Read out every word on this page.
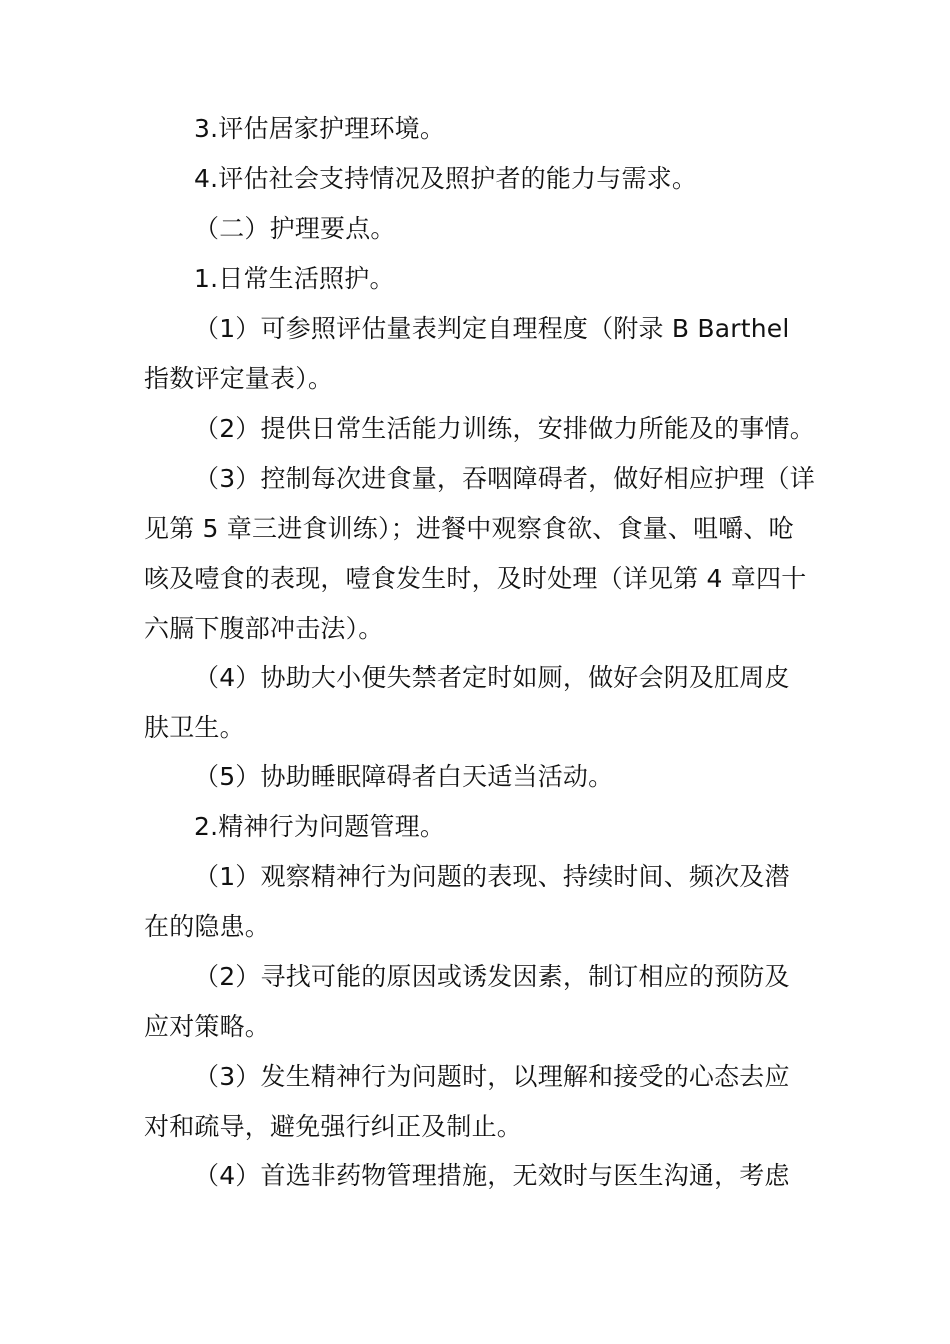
3.评估居家护理环境。
4.评估社会支持情况及照护者的能力与需求。
（二）护理要点。
1.日常生活照护。
（1）可参照评估量表判定自理程度（附录 B Barthel
指数评定量表）。
（2）提供日常生活能力训练，安排做力所能及的事情。
（3）控制每次进食量，吞咽障碍者，做好相应护理（详
见第 5 章三进食训练）；进餐中观察食欲、食量、咀嚼、呛
咳及噎食的表现，噎食发生时，及时处理（详见第 4 章四十
六膈下腹部冲击法）。
（4）协助大小便失禁者定时如厕，做好会阴及肛周皮
肤卫生。
（5）协助睡眠障碍者白天适当活动。
2.精神行为问题管理。
（1）观察精神行为问题的表现、持续时间、频次及潜
在的隐患。
（2）寻找可能的原因或诱发因素，制订相应的预防及
应对策略。
（3）发生精神行为问题时，以理解和接受的心态去应
对和疏导，避免强行纠正及制止。
（4）首选非药物管理措施，无效时与医生沟通，考虑
